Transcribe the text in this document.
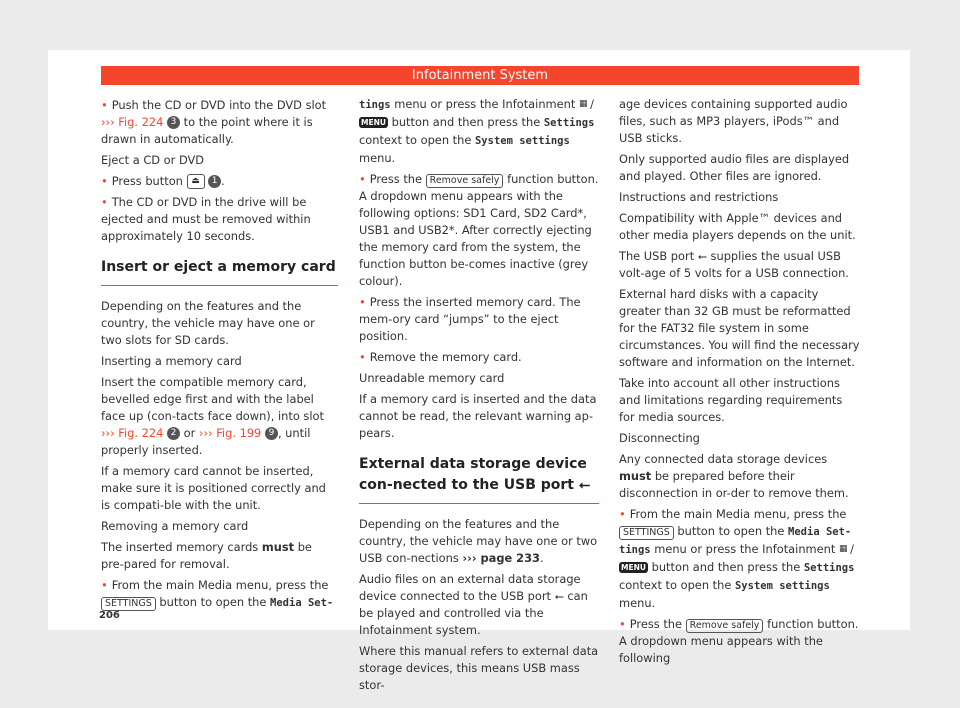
Infotainment System

• Push the CD or DVD into the DVD slot ››› Fig. 224 3 to the point where it is drawn in automatically.

Eject a CD or DVD

• Press button ⏏ 1 .

• The CD or DVD in the drive will be ejected and must be removed within approximately 10 seconds.

Insert or eject a memory card

Depending on the features and the country, the vehicle may have one or two slots for SD cards.

Inserting a memory card

Insert the compatible memory card, bevelled edge first and with the label face up (con-tacts face down), into slot ››› Fig. 224 2 or ››› Fig. 199 9 , until properly inserted.

If a memory card cannot be inserted, make sure it is positioned correctly and is compati-ble with the unit.

Removing a memory card

The inserted memory cards must be pre-pared for removal.

• From the main Media menu, press the SETTINGS button to open the Media Set-

tings menu or press the Infotainment ▦ /
MENU button and then press the Settings context to open the System settings menu.

• Press the Remove safely function button. A dropdown menu appears with the following options: SD1 Card, SD2 Card*, USB1 and USB2*. After correctly ejecting the memory card from the system, the function button be-comes inactive (grey colour).

• Press the inserted memory card. The mem-ory card “jumps” to the eject position.

• Remove the memory card.

Unreadable memory card

If a memory card is inserted and the data cannot be read, the relevant warning ap-pears.

External data storage device con-nected to the USB port ⭠

Depending on the features and the country, the vehicle may have one or two USB con-nections ››› page 233.

Audio files on an external data storage device connected to the USB port ⭠ can be played and controlled via the Infotainment system.

Where this manual refers to external data storage devices, this means USB mass stor-

age devices containing supported audio files, such as MP3 players, iPods™ and USB sticks.

Only supported audio files are displayed and played. Other files are ignored.

Instructions and restrictions

Compatibility with Apple™ devices and other media players depends on the unit.

The USB port ⭠ supplies the usual USB volt-age of 5 volts for a USB connection.

External hard disks with a capacity greater than 32 GB must be reformatted for the FAT32 file system in some circumstances. You will find the necessary software and information on the Internet.

Take into account all other instructions and limitations regarding requirements for media sources.

Disconnecting

Any connected data storage devices must be prepared before their disconnection in or-der to remove them.

• From the main Media menu, press the SETTINGS button to open the Media Set-tings menu or press the Infotainment ▦ / MENU button and then press the Settings context to open the System settings menu.

• Press the Remove safely function button. A dropdown menu appears with the following

206
